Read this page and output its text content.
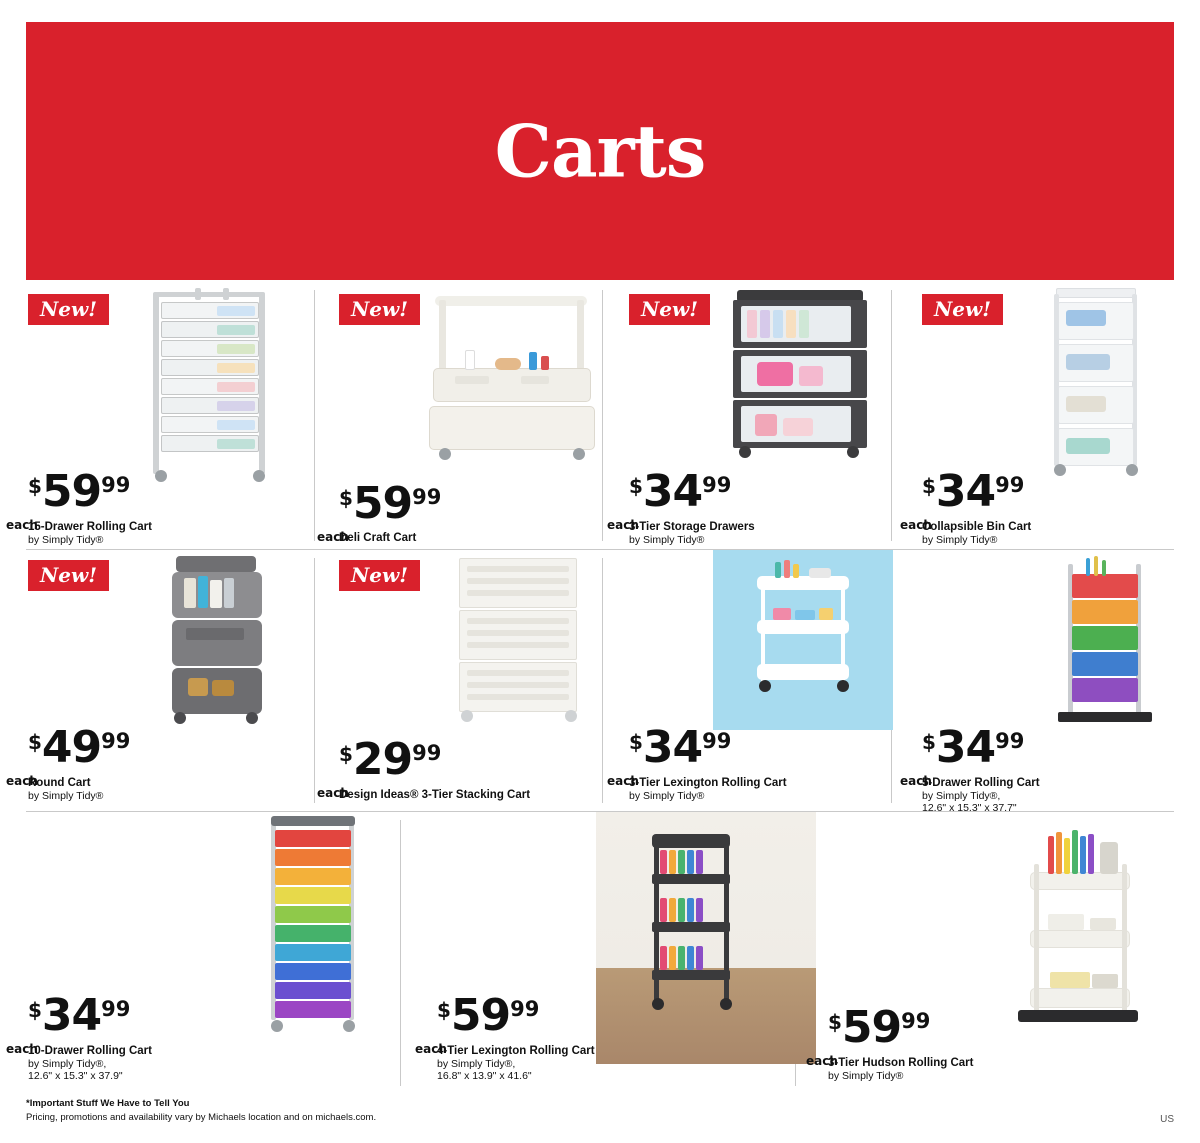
Carts
New!
$5999
each
15-Drawer Rolling Cart
by Simply Tidy®
New!
$5999
each
Deli Craft Cart
New!
$3499
each
3-Tier Storage Drawers
by Simply Tidy®
New!
$3499
each
Collapsible Bin Cart
by Simply Tidy®
New!
$4999
each
Round Cart
by Simply Tidy®
New!
$2999
each
Design Ideas® 3-Tier Stacking Cart
$3499
each
3-Tier Lexington Rolling Cart
by Simply Tidy®
$3499
each
5-Drawer Rolling Cart
by Simply Tidy®,
12.6" x 15.3" x 37.7"
$3499
each
10-Drawer Rolling Cart
by Simply Tidy®,
12.6" x 15.3" x 37.9"
$5999
each
4-Tier Lexington Rolling Cart
by Simply Tidy®,
16.8" x 13.9" x 41.6"
$5999
each
3-Tier Hudson Rolling Cart
by Simply Tidy®
*Important Stuff We Have to Tell You
Pricing, promotions and availability vary by Michaels location and on michaels.com.	US
